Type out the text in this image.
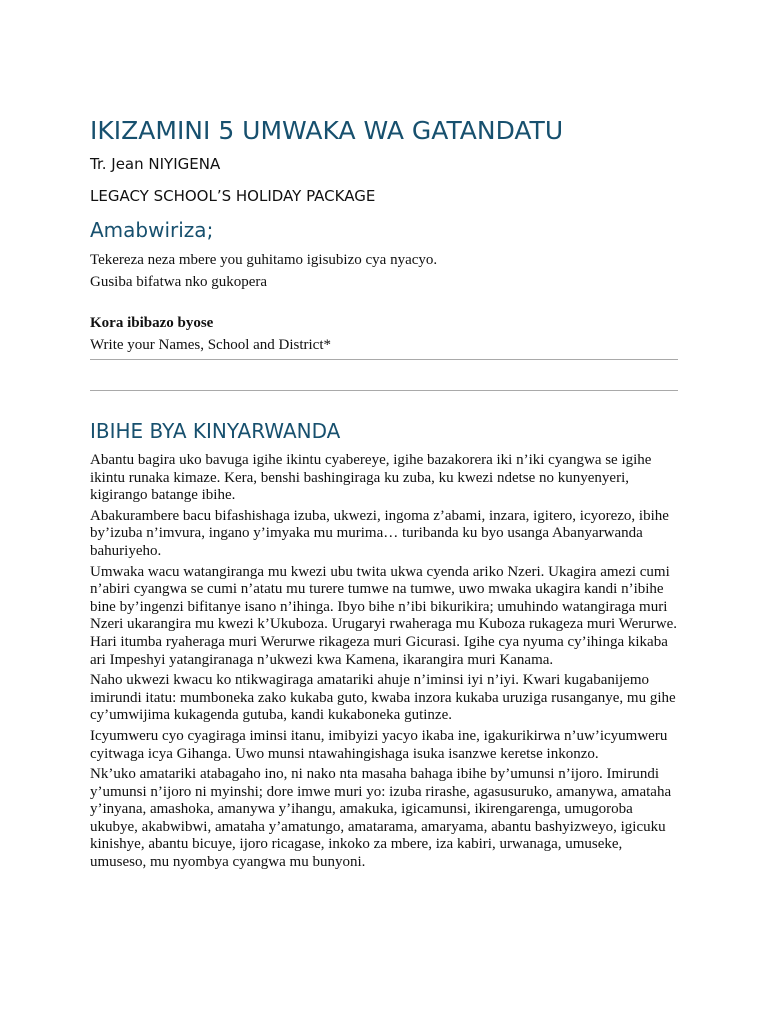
IKIZAMINI 5 UMWAKA WA GATANDATU

Tr. Jean NIYIGENA

LEGACY SCHOOL’S HOLIDAY PACKAGE

Amabwiriza;

Tekereza neza mbere you guhitamo igisubizo cya nyacyo.

Gusiba bifatwa nko gukopera

Kora ibibazo byose

Write your Names, School and District*

IBIHE BYA KINYARWANDA

Abantu bagira uko bavuga igihe ikintu cyabereye, igihe bazakorera iki n’iki cyangwa se igihe ikintu runaka kimaze. Kera, benshi bashingiraga ku zuba, ku kwezi ndetse no kunyenyeri, kigirango batange ibihe.

Abakurambere bacu bifashishaga izuba, ukwezi, ingoma z’abami, inzara, igitero, icyorezo, ibihe by’izuba n’imvura, ingano y’imyaka mu murima… turibanda ku byo usanga Abanyarwanda bahuriyeho.

Umwaka wacu watangiranga mu kwezi ubu twita ukwa cyenda ariko Nzeri. Ukagira amezi cumi n’abiri cyangwa se cumi n’atatu mu turere tumwe na tumwe, uwo mwaka ukagira kandi n’ibihe bine by’ingenzi bifitanye isano n’ihinga. Ibyo bihe n’ibi bikurikira; umuhindo watangiraga muri Nzeri ukarangira mu kwezi k’Ukuboza. Urugaryi rwaheraga mu Kuboza rukageza muri Werurwe. Hari itumba ryaheraga muri Werurwe rikageza muri Gicurasi. Igihe cya nyuma cy’ihinga kikaba ari Impeshyi yatangiranaga n’ukwezi kwa Kamena, ikarangira muri Kanama.

Naho ukwezi kwacu ko ntikwagiraga amatariki ahuje n’iminsi iyi n’iyi. Kwari kugabanijemo imirundi itatu: mumboneka zako kukaba guto, kwaba inzora kukaba uruziga rusanganye, mu gihe cy’umwijima kukagenda gutuba, kandi kukaboneka gutinze.

Icyumweru cyo cyagiraga iminsi itanu, imibyizi yacyo ikaba ine, igakurikirwa n’uw’icyumweru cyitwaga icya Gihanga. Uwo munsi ntawahingishaga isuka isanzwe keretse inkonzo.

Nk’uko amatariki atabagaho ino, ni nako nta masaha bahaga ibihe by’umunsi n’ijoro. Imirundi y’umunsi n’ijoro ni myinshi; dore imwe muri yo: izuba rirashe, agasusuruko, amanywa, amataha y’inyana, amashoka, amanywa y’ihangu, amakuka, igicamunsi, ikirengarenga, umugoroba ukubye, akabwibwi, amataha y’amatungo, amatarama, amaryama, abantu bashyizweyo, igicuku kinishye, abantu bicuye, ijoro ricagase, inkoko za mbere, iza kabiri, urwanaga, umuseke, umuseso, mu nyombya cyangwa mu bunyoni.
